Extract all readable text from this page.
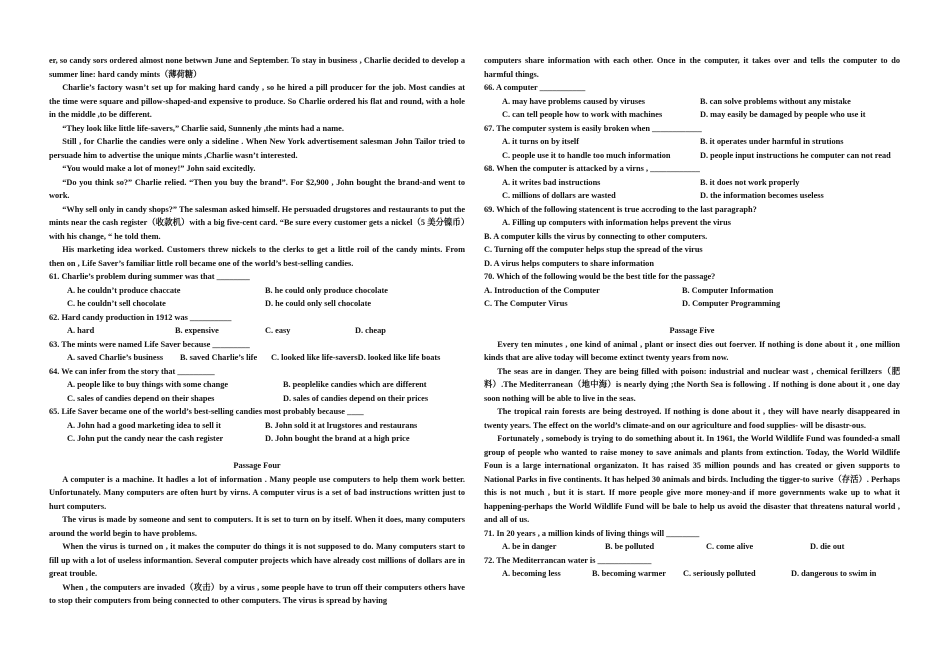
er, so candy sors ordered almost none betwwn June and September. To stay in business , Charlie decided to develop a summer line: hard candy mints（薄荷糖）

Charlie’s factory wasn’t set up for making hard candy , so he hired a pill producer for the job. Most candies at the time were square and pillow-shaped-and expensive to produce. So Charlie ordered his flat and round, with a hole in the middle ,to be different.

“They look like little life-savers,” Charlie said, Sunnenly ,the mints had a name.

Still , for Charlie the candies were only a sideline . When New York advertisement salesman John Tailor tried to persuade him to advertise the unique mints ,Charlie wasn’t interested.

“You would make a lot of money!” John said excitedly.

“Do you think so?” Charlie relied. “Then you buy the brand”. For $2,900 , John bought the brand-and went to work.

“Why sell only in candy shops?” The salesman asked himself. He persuaded drugstores and restaurants to put the mints near the cash register（收款机）with a big five-cent card. “Be sure every customer gets a nickel（5 美分镍币）with his change, “ he told them.

His marketing idea worked. Customers threw nickels to the clerks to get a little roil of the candy mints. From then on , Life Saver’s familiar little roll became one of the world’s best-selling candies.

61. Charlie’s problem during summer was that ________

A. he couldn’t produce chaccate	B. he could only produce chocolate
C. he couldn’t sell chocolate	D. he could only sell chocolate

62. Hard candy production in 1912 was __________

A. hard	B. expensive	C. easy	D. cheap

63. The mints were named Life Saver because _________

A. saved Charlie’s business	B. saved Charlie’s life	C. looked like life-saversD. looked like life boats

64. We can infer from the story that _________

A. people like to buy things with some change	B. peoplelike candies which are different
C. sales of candies depend on their shapes	D. sales of candies depend on their prices

65. Life Saver became one of the world’s best-selling candies most probably because ____

A. John had a good marketing idea to sell it	B. John sold it at lrugstores and restaurans
C. John put the candy near the cash register	D. John bought the brand at a high price

Passage Four

A computer is a machine. It hadles a lot of information . Many people use computers to help them work better. Unfortunately. Many computers are often hurt by virns. A computer virus is a set of bad instructions written just to hurt computers.

The virus is made by someone and sent to computers. It is set to turn on by itself. When it does, many computers around the world begin to have problems.

When the virus is turned on , it makes the computer do things it is not supposed to do. Many computers start to fill up with a lot of useless informantion. Several computer projects which have already cost millions of dollars are in great trouble.

When , the computers are invaded（攻击）by a virus , some people have to trun off their computers others have to stop their computers from being connected to other computers. The virus is spread by having

computers share information with each other. Once in the computer, it takes over and tells the computer to do harmful things.

66. A computer ___________

A. may have problems caused by viruses	B. can solve problems without any mistake
C. can tell people how to work with machines	D. may easily be damaged by people who use it

67. The computer system is easily broken when ____________

A. it turns on by itself	B. it operates under harmful in strutions
C. people use it to handle too much information	D. people input instructions he computer can not read

68. When the computer is attacked by a virns , ____________

A. it writes bad instructions	B. it does not work properly
C. millions of dollars are wasted	D. the information becomes useless

69. Which of the following statencent is true accroding to the last paragraph?

A. Filling up computers with information helps prevent the virus

B. A computer kills the virus by connecting to other computers.

C. Turning off the computer helps stup the spread of the virus

D. A virus helps computers to share information

70. Which of the following would be the best title for the passage?

A. Introduction of the Computer	B. Computer Information
C. The Computer Virus	D. Computer Programming

Passage Five

Every ten minutes , one kind of animal , plant or insect dies out foerver. If nothing is done about it , one million kinds that are alive today will become extinct twenty years from now.

The seas are in danger. They are being filled with poison: industrial and nuclear wast , chemical ferillzers（肥料）.The Mediterranean（地中海）is nearly dying ;the North Sea is following . If nothing is done about it , one day soon nothing will be able to live in the seas.

The tropical rain forests are being destroyed. If nothing is done about it , they will have nearly disappeared in twenty years. The effect on the world’s climate-and on our agriculture and food supplies- will be disastr-ous.

Fortunately , somebody is trying to do something about it. In 1961, the World Wildlife Fund was founded-a small group of people who wanted to raise money to save animals and plants from extinction. Today, the World Wildlife Foun is a large international organizaton. It has raised 35 million pounds and has created or given supports to National Parks in five continents. It has helped 30 animals and birds. Including the tigger-to surive（存活）. Perhaps this is not much , but it is start. If more people give more money-and if more governments wake up to what it happening-perhaps the World Wildlife Fund will be bale to help us avoid the disaster that threatens natural world , and all of us.

71. In 20 years , a million kinds of living things will ________

A. be in danger	B. be polluted	C. come alive	D. die out

72. The Mediterrancan water is _____________

A. becoming less	B. becoming warmer	C. seriously polluted	D. dangerous to swim in
